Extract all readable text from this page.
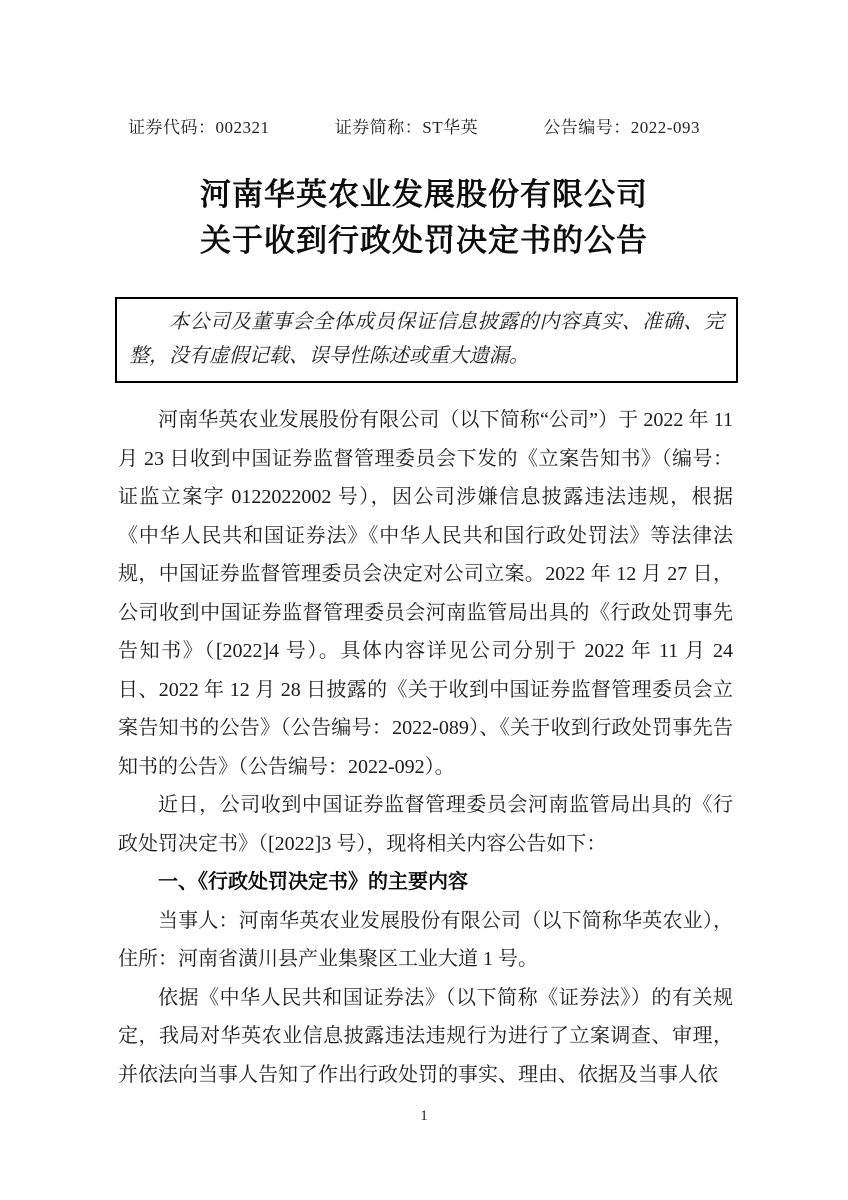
证券代码：002321	证券简称：ST华英	公告编号：2022-093
河南华英农业发展股份有限公司
关于收到行政处罚决定书的公告
本公司及董事会全体成员保证信息披露的内容真实、准确、完整，没有虚假记载、误导性陈述或重大遗漏。

河南华英农业发展股份有限公司（以下简称“公司”）于 2022 年 11 月 23 日收到中国证券监督管理委员会下发的《立案告知书》（编号：证监立案字 0122022002 号），因公司涉嫌信息披露违法违规，根据《中华人民共和国证券法》《中华人民共和国行政处罚法》等法律法规，中国证券监督管理委员会决定对公司立案。2022 年 12 月 27 日，公司收到中国证券监督管理委员会河南监管局出具的《行政处罚事先告知书》（[2022]4 号）。具体内容详见公司分别于 2022 年 11 月 24 日、2022 年 12 月 28 日披露的《关于收到中国证券监督管理委员会立案告知书的公告》（公告编号：2022-089）、《关于收到行政处罚事先告知书的公告》（公告编号：2022-092）。

近日，公司收到中国证券监督管理委员会河南监管局出具的《行政处罚决定书》（[2022]3 号），现将相关内容公告如下：

一、《行政处罚决定书》的主要内容

当事人：河南华英农业发展股份有限公司（以下简称华英农业），住所：河南省潢川县产业集聚区工业大道 1 号。

依据《中华人民共和国证券法》（以下简称《证券法》）的有关规定，我局对华英农业信息披露违法违规行为进行了立案调查、审理，并依法向当事人告知了作出行政处罚的事实、理由、依据及当事人依

1
